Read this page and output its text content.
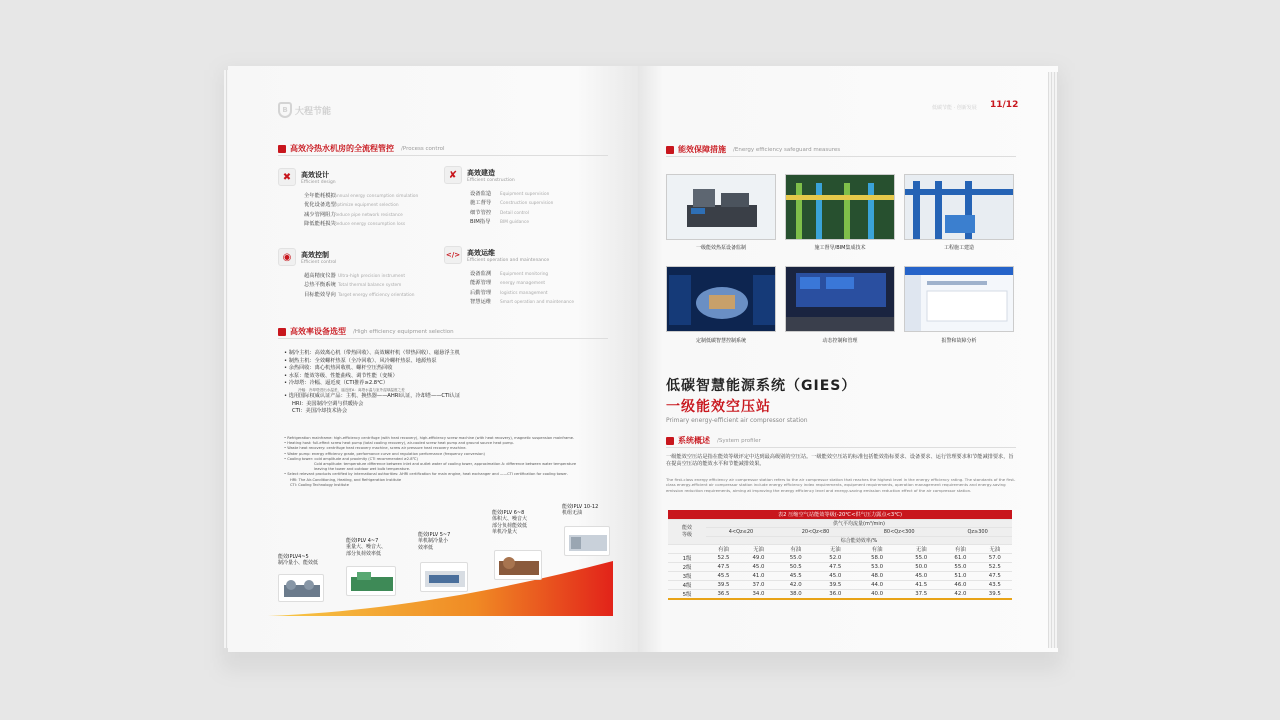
B 大程节能
高效冷热水机房的全流程管控 /Process control
✖	高效设计
Efficient design
全年能耗模拟Annual energy consumption simulation
优化设备选型Optimize equipment selection
减少管网阻力Reduce pipe network resistance
降低能耗损失Reduce energy consumption loss
✘	高效建造
Efficient construction
设备监造 Equipment supervision
施工督导 Construction supervision
细节管控 Detail control
BIM指导 BIM guidance
◉	高效控制
Efficient control
超高精度仪器 Ultra-high precision instrument
总热平衡系统 Total thermal balance system
目标能效导向 Target energy efficiency orientation
</> 高效运维
Efficient operation and maintenance
设备监测 Equipment monitoring
能源管理 energy management
后勤管理 logistics management
智慧运维 Smart operation and maintenance
高效率设备选型 /High efficiency equipment selection
• 制冷主机：高效离心机（带热回收）、高效螺杆机（带热回收）、磁悬浮主机
• 制热主机：全效螺杆热泵（全冷回收）、风冷螺杆热泵、地源热泵
• 余热回收：离心机热回收机、螺杆空压热回收
• 水泵：能效等级、性能曲线、调节性能（变频）
• 冷却塔：冷幅、逼近度（CTI推荐≥2.8℃）
冷幅：冷却塔进出水温差，逼近度A：离塔水温与室外湿球温度之差
• 选用国际权威认证产品：主机、换热器——AHRI认证，冷却塔——CTI认证
HRI：美国制冷空调与供暖协会
CTI：美国冷却技术协会
• Refrigeration mainframe: high-efficiency centrifuge (with heat recovery), high-efficiency screw machine (with heat recovery), magnetic suspension mainframe.
• Heating host: full-effect screw heat pump (total cooling recovery), air-cooled screw heat pump and ground source heat pump.
• Waste heat recovery: centrifuge heat recovery machine, screw air pressure heat recovery machine.
• Water pump: energy efficiency grade, performance curve and regulation performance (frequency conversion)
• Cooling tower: cold amplitude and proximity (CTI recommended ≥2.8℃)
Cold amplitude: temperature difference between inlet and outlet water of cooling tower, approximation A: difference between water temperature leaving the tower and outdoor wet bulb temperature.
• Select relevant products certified by international authorities: AHRI certification for main engine, heat exchanger and ——CTI certification for cooling tower.
HRI: The Air-Conditioning, Heating, and Refrigeration Institute
CTI: Cooling Technology Institute
能效IPLV4~5
制冷量小、能效低
能效IPLV 4~7
重量大、噪音大、
部分负荷效率低
能效IPLV 5~7
单机制冷量小
效率低
能效IPLV 6~8
体积大、噪音大
部分负荷能效低
单机冷量大
能效IPLV 10-12
机组无油
低碳节能 · 创新发展 11/12
能效保障措施 /Energy efficiency safeguard measures
一级能效热泵设备监制	施工督导/BIM集成技术	工程施工建造
定制低碳智慧控制系统	动态控制和管理	报警和故障分析
低碳智慧能源系统（GIES）
一级能效空压站
Primary energy-efficient air compressor station
系统概述 /System profiler
一级能效空压站是指在能效等级评定中达到最高级别的空压站。一级能效空压站的标准包括能效指标要求、设备要求、运行管理要求和节能减排要求，旨在提高空压站的能效水平和节能减排效果。
The first-class energy efficiency air compressor station refers to the air compressor station that reaches the highest level in the energy efficiency rating. The standards of the first-class energy-efficient air compressor station include energy efficiency index requirements, equipment requirements, operation management requirements and energy-saving emission reduction requirements, aiming at improving the energy efficiency level and energy-saving emission reduction effect of the air compressor station.
表2 压缩空气站能效等级(-20℃<供气压力露点<3℃)								
能效
等级	供气平均流量(m³/min)							
	4<Qz≤20		20<Qz<80		80<Qz<300		Qz≥300	
	综合能効效率/%							
	有油	无油	有油	无油	有油	无油	有油	无油
1级	52.5	49.0	55.0	52.0	58.0	55.0	61.0	57.0
2级	47.5	45.0	50.5	47.5	53.0	50.0	55.0	52.5
3级	45.5	41.0	45.5	45.0	48.0	45.0	51.0	47.5
4级	39.5	37.0	42.0	39.5	44.0	41.5	46.0	43.5
5级	36.5	34.0	38.0	36.0	40.0	37.5	42.0	39.5
